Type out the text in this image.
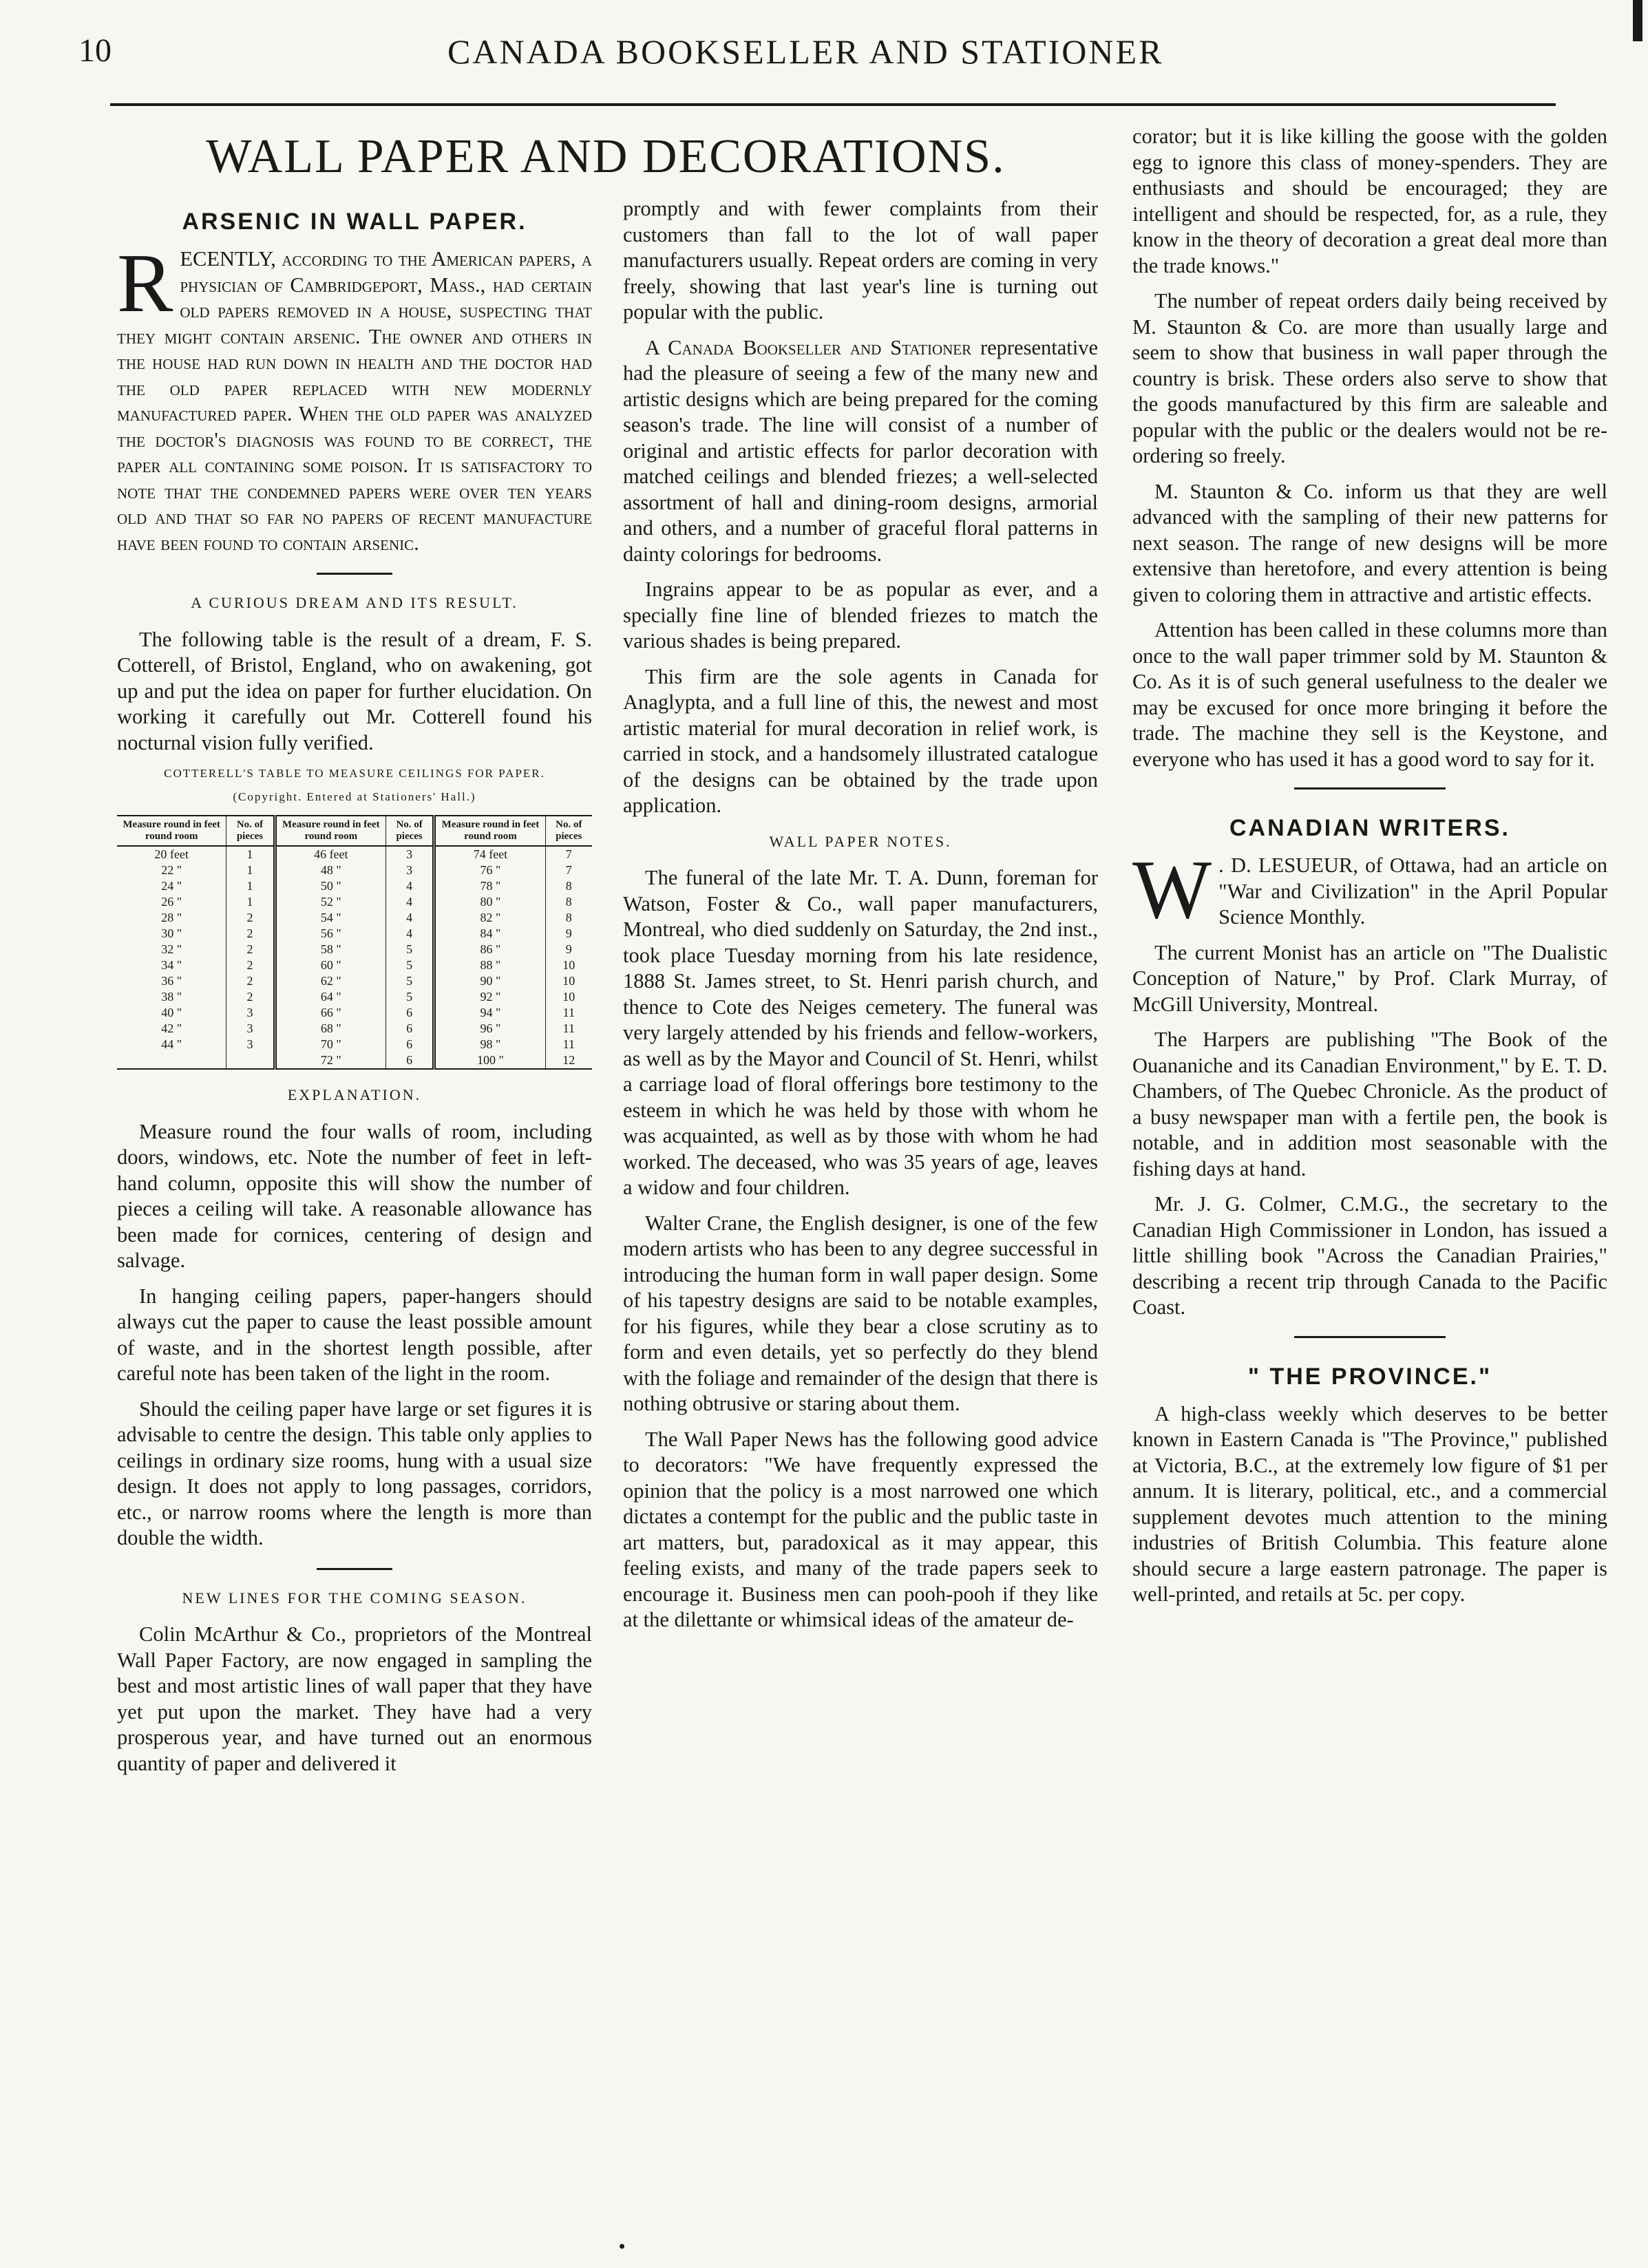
10	CANADA BOOKSELLER AND STATIONER
WALL PAPER AND DECORATIONS.
ARSENIC IN WALL PAPER.

RECENTLY, according to the American papers, a physician of Cambridgeport, Mass., had certain old papers removed in a house, suspecting that they might contain arsenic. The owner and others in the house had run down in health and the doctor had the old paper replaced with new modernly manufactured paper. When the old paper was analyzed the doctor's diagnosis was found to be correct, the paper all containing some poison. It is satisfactory to note that the condemned papers were over ten years old and that so far no papers of recent manufacture have been found to contain arsenic.

A CURIOUS DREAM AND ITS RESULT.

The following table is the result of a dream, F. S. Cotterell, of Bristol, England, who on awakening, got up and put the idea on paper for further elucidation. On working it carefully out Mr. Cotterell found his nocturnal vision fully verified.

COTTERELL'S TABLE TO MEASURE CEILINGS FOR PAPER.
(Copyright. Entered at Stationers' Hall.)
Measure round in feet round room	No. of pieces	Measure round in feet round room	No. of pieces	Measure round in feet round room	No. of pieces
20 feet	1	46 feet	3	74 feet	7
22 "	1	48 "	3	76 "	7
24 "	1	50 "	4	78 "	8
26 "	1	52 "	4	80 "	8
28 "	2	54 "	4	82 "	8
30 "	2	56 "	4	84 "	9
32 "	2	58 "	5	86 "	9
34 "	2	60 "	5	88 "	10
36 "	2	62 "	5	90 "	10
38 "	2	64 "	5	92 "	10
40 "	3	66 "	6	94 "	11
42 "	3	68 "	6	96 "	11
44 "	3	70 "	6	98 "	11
		72 "	6	100 "	12
EXPLANATION.

Measure round the four walls of room, including doors, windows, etc. Note the number of feet in left-hand column, opposite this will show the number of pieces a ceiling will take. A reasonable allowance has been made for cornices, centering of design and salvage.

In hanging ceiling papers, paper-hangers should always cut the paper to cause the least possible amount of waste, and in the shortest length possible, after careful note has been taken of the light in the room.

Should the ceiling paper have large or set figures it is advisable to centre the design. This table only applies to ceilings in ordinary size rooms, hung with a usual size design. It does not apply to long passages, corridors, etc., or narrow rooms where the length is more than double the width.

NEW LINES FOR THE COMING SEASON.

Colin McArthur & Co., proprietors of the Montreal Wall Paper Factory, are now engaged in sampling the best and most artistic lines of wall paper that they have yet put upon the market. They have had a very prosperous year, and have turned out an enormous quantity of paper and delivered it

promptly and with fewer complaints from their customers than fall to the lot of wall paper manufacturers usually. Repeat orders are coming in very freely, showing that last year's line is turning out popular with the public.

A Canada Bookseller and Stationer representative had the pleasure of seeing a few of the many new and artistic designs which are being prepared for the coming season's trade. The line will consist of a number of original and artistic effects for parlor decoration with matched ceilings and blended friezes; a well-selected assortment of hall and dining-room designs, armorial and others, and a number of graceful floral patterns in dainty colorings for bedrooms.

Ingrains appear to be as popular as ever, and a specially fine line of blended friezes to match the various shades is being prepared.

This firm are the sole agents in Canada for Anaglypta, and a full line of this, the newest and most artistic material for mural decoration in relief work, is carried in stock, and a handsomely illustrated catalogue of the designs can be obtained by the trade upon application.

WALL PAPER NOTES.

The funeral of the late Mr. T. A. Dunn, foreman for Watson, Foster & Co., wall paper manufacturers, Montreal, who died suddenly on Saturday, the 2nd inst., took place Tuesday morning from his late residence, 1888 St. James street, to St. Henri parish church, and thence to Cote des Neiges cemetery. The funeral was very largely attended by his friends and fellow-workers, as well as by the Mayor and Council of St. Henri, whilst a carriage load of floral offerings bore testimony to the esteem in which he was held by those with whom he was acquainted, as well as by those with whom he had worked. The deceased, who was 35 years of age, leaves a widow and four children.

Walter Crane, the English designer, is one of the few modern artists who has been to any degree successful in introducing the human form in wall paper design. Some of his tapestry designs are said to be notable examples, for his figures, while they bear a close scrutiny as to form and even details, yet so perfectly do they blend with the foliage and remainder of the design that there is nothing obtrusive or staring about them.

The Wall Paper News has the following good advice to decorators: "We have frequently expressed the opinion that the policy is a most narrowed one which dictates a contempt for the public and the public taste in art matters, but, paradoxical as it may appear, this feeling exists, and many of the trade papers seek to encourage it. Business men can pooh-pooh if they like at the dilettante or whimsical ideas of the amateur de-

corator; but it is like killing the goose with the golden egg to ignore this class of money-spenders. They are enthusiasts and should be encouraged; they are intelligent and should be respected, for, as a rule, they know in the theory of decoration a great deal more than the trade knows."

The number of repeat orders daily being received by M. Staunton & Co. are more than usually large and seem to show that business in wall paper through the country is brisk. These orders also serve to show that the goods manufactured by this firm are saleable and popular with the public or the dealers would not be re-ordering so freely.

M. Staunton & Co. inform us that they are well advanced with the sampling of their new patterns for next season. The range of new designs will be more extensive than heretofore, and every attention is being given to coloring them in attractive and artistic effects.

Attention has been called in these columns more than once to the wall paper trimmer sold by M. Staunton & Co. As it is of such general usefulness to the dealer we may be excused for once more bringing it before the trade. The machine they sell is the Keystone, and everyone who has used it has a good word to say for it.

CANADIAN WRITERS.

W . D. LESUEUR, of Ottawa, had an article on "War and Civilization" in the April Popular Science Monthly.

The current Monist has an article on "The Dualistic Conception of Nature," by Prof. Clark Murray, of McGill University, Montreal.

The Harpers are publishing "The Book of the Ouananiche and its Canadian Environment," by E. T. D. Chambers, of The Quebec Chronicle. As the product of a busy newspaper man with a fertile pen, the book is notable, and in addition most seasonable with the fishing days at hand.

Mr. J. G. Colmer, C.M.G., the secretary to the Canadian High Commissioner in London, has issued a little shilling book "Across the Canadian Prairies," describing a recent trip through Canada to the Pacific Coast.

" THE PROVINCE."

A high-class weekly which deserves to be better known in Eastern Canada is "The Province," published at Victoria, B.C., at the extremely low figure of $1 per annum. It is literary, political, etc., and a commercial supplement devotes much attention to the mining industries of British Columbia. This feature alone should secure a large eastern patronage. The paper is well-printed, and retails at 5c. per copy.
